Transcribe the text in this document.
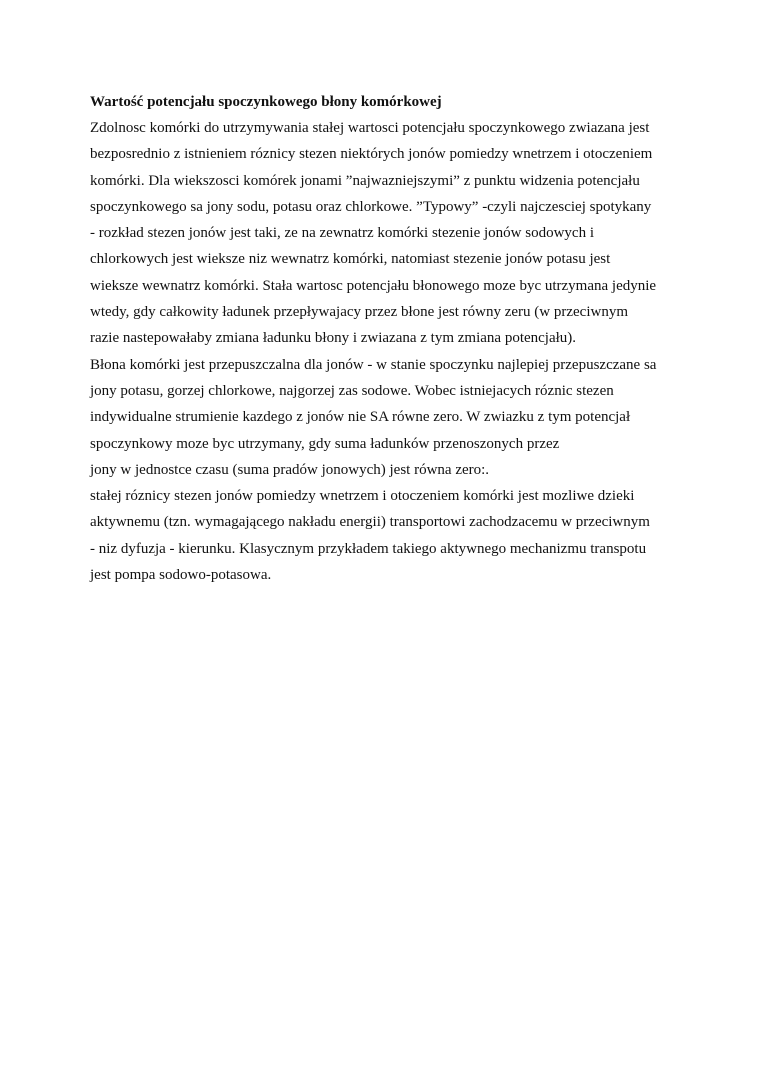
Wartość potencjału spoczynkowego błony komórkowej
Zdolnosc komórki do utrzymywania stałej wartosci potencjału spoczynkowego zwiazana jest
bezposrednio z istnieniem róznicy stezen niektórych jonów pomiedzy wnetrzem i otoczeniem
komórki. Dla wiekszosci komórek jonami ”najwazniejszymi” z punktu widzenia potencjału
spoczynkowego sa jony sodu, potasu oraz chlorkowe. ”Typowy” -czyli najczesciej spotykany
- rozkład stezen jonów jest taki, ze na zewnatrz komórki stezenie jonów sodowych i
chlorkowych jest wieksze niz wewnatrz komórki, natomiast stezenie jonów potasu jest
wieksze wewnatrz komórki. Stała wartosc potencjału błonowego moze byc utrzymana jedynie
wtedy, gdy całkowity ładunek przepływajacy przez błone jest równy zeru (w przeciwnym
razie nastepowałaby zmiana ładunku błony i zwiazana z tym zmiana potencjału).
Błona komórki jest przepuszczalna dla jonów - w stanie spoczynku najlepiej przepuszczane sa
jony potasu, gorzej chlorkowe, najgorzej zas sodowe. Wobec istniejacych róznic stezen
indywidualne strumienie kazdego z jonów nie SA równe zero. W zwiazku z tym potencjał
spoczynkowy moze byc utrzymany, gdy suma ładunków przenoszonych przez
jony w jednostce czasu (suma pradów jonowych) jest równa zero:.
stałej róznicy stezen jonów pomiedzy wnetrzem i otoczeniem komórki jest mozliwe dzieki
aktywnemu (tzn. wymagającego nakładu energii) transportowi zachodzacemu w przeciwnym
- niz dyfuzja - kierunku. Klasycznym przykładem takiego aktywnego mechanizmu transpotu
jest pompa sodowo-potasowa.
